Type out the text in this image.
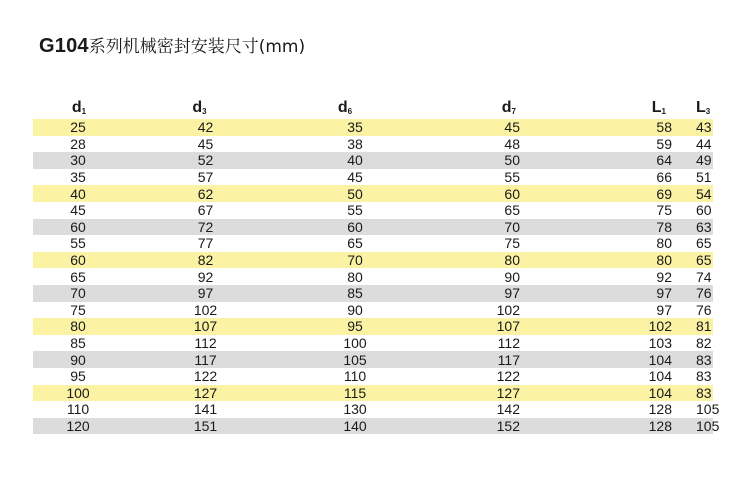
G104系列机械密封安装尺寸(mm)
$d_1$	$d_3$	$d_6$	$d_7$	$L_1$	$L_3$
25	42	35	45	58	43
28	45	38	48	59	44
30	52	40	50	64	49
35	57	45	55	66	51
40	62	50	60	69	54
45	67	55	65	75	60
60	72	60	70	78	63
55	77	65	75	80	65
60	82	70	80	80	65
65	92	80	90	92	74
70	97	85	97	97	76
75	102	90	102	97	76
80	107	95	107	102	81
85	112	100	112	103	82
90	117	105	117	104	83
95	122	110	122	104	83
100	127	115	127	104	83
110	141	130	142	128	105
120	151	140	152	128	105
